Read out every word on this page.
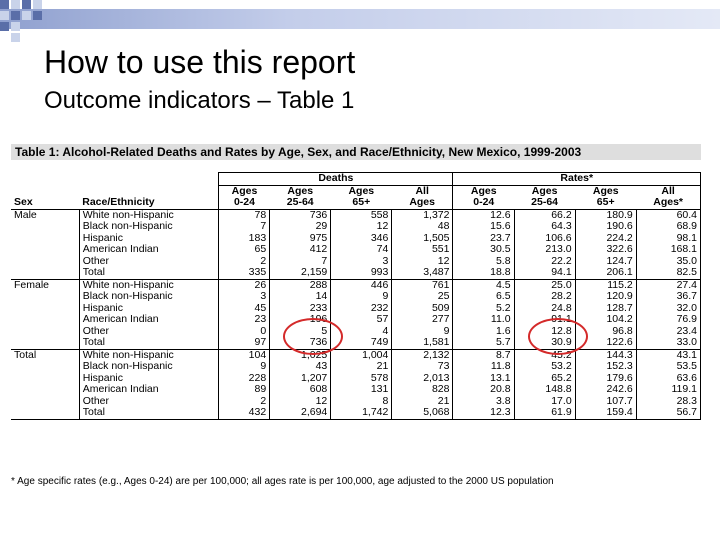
How to use this report
Outcome indicators – Table 1
Table 1: Alcohol-Related Deaths and Rates by Age, Sex, and Race/Ethnicity, New Mexico, 1999-2003
		Deaths				Rates*			
		Ages	Ages	Ages	All	Ages	Ages	Ages	All
Sex	Race/Ethnicity	0-24	25-64	65+	Ages	0-24	25-64	65+	Ages*
Male	White non-Hispanic	78	736	558	1,372	12.6	66.2	180.9	60.4
	Black non-Hispanic	7	29	12	48	15.6	64.3	190.6	68.9
	Hispanic	183	975	346	1,505	23.7	106.6	224.2	98.1
	American Indian	65	412	74	551	30.5	213.0	322.6	168.1
	Other	2	7	3	12	5.8	22.2	124.7	35.0
	Total	335	2,159	993	3,487	18.8	94.1	206.1	82.5
Female	White non-Hispanic	26	288	446	761	4.5	25.0	115.2	27.4
	Black non-Hispanic	3	14	9	25	6.5	28.2	120.9	36.7
	Hispanic	45	233	232	509	5.2	24.8	128.7	32.0
	American Indian	23	196	57	277	11.0	91.1	104.2	76.9
	Other	0	5	4	9	1.6	12.8	96.8	23.4
	Total	97	736	749	1,581	5.7	30.9	122.6	33.0
Total	White non-Hispanic	104	1,025	1,004	2,132	8.7	45.2	144.3	43.1
	Black non-Hispanic	9	43	21	73	11.8	53.2	152.3	53.5
	Hispanic	228	1,207	578	2,013	13.1	65.2	179.6	63.6
	American Indian	89	608	131	828	20.8	148.8	242.6	119.1
	Other	2	12	8	21	3.8	17.0	107.7	28.3
	Total	432	2,694	1,742	5,068	12.3	61.9	159.4	56.7
* Age specific rates (e.g., Ages 0-24) are per 100,000; all ages rate is per 100,000, age adjusted to the 2000 US population
